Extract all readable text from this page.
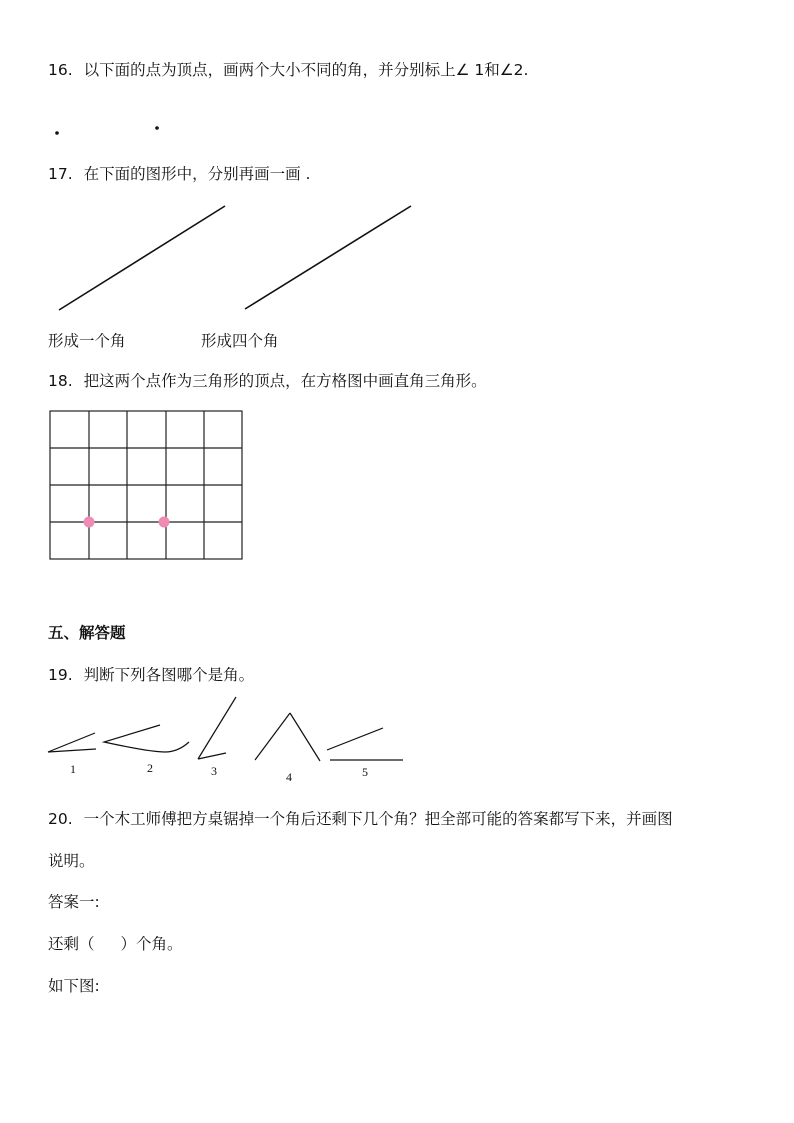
16. 以下面的点为顶点，画两个大小不同的角，并分别标上∠ 1和∠2.
17. 在下面的图形中，分别再画一画 .
形成一个角	形成四个角
18. 把这两个点作为三角形的顶点，在方格图中画直角三角形。
五、解答题
19. 判断下列各图哪个是角。
1	2	3	4	5
20. 一个木工师傅把方桌锯掉一个角后还剩下几个角？把全部可能的答案都写下来，并画图
说明。
答案一:
还剩（ ）个角。
如下图:
